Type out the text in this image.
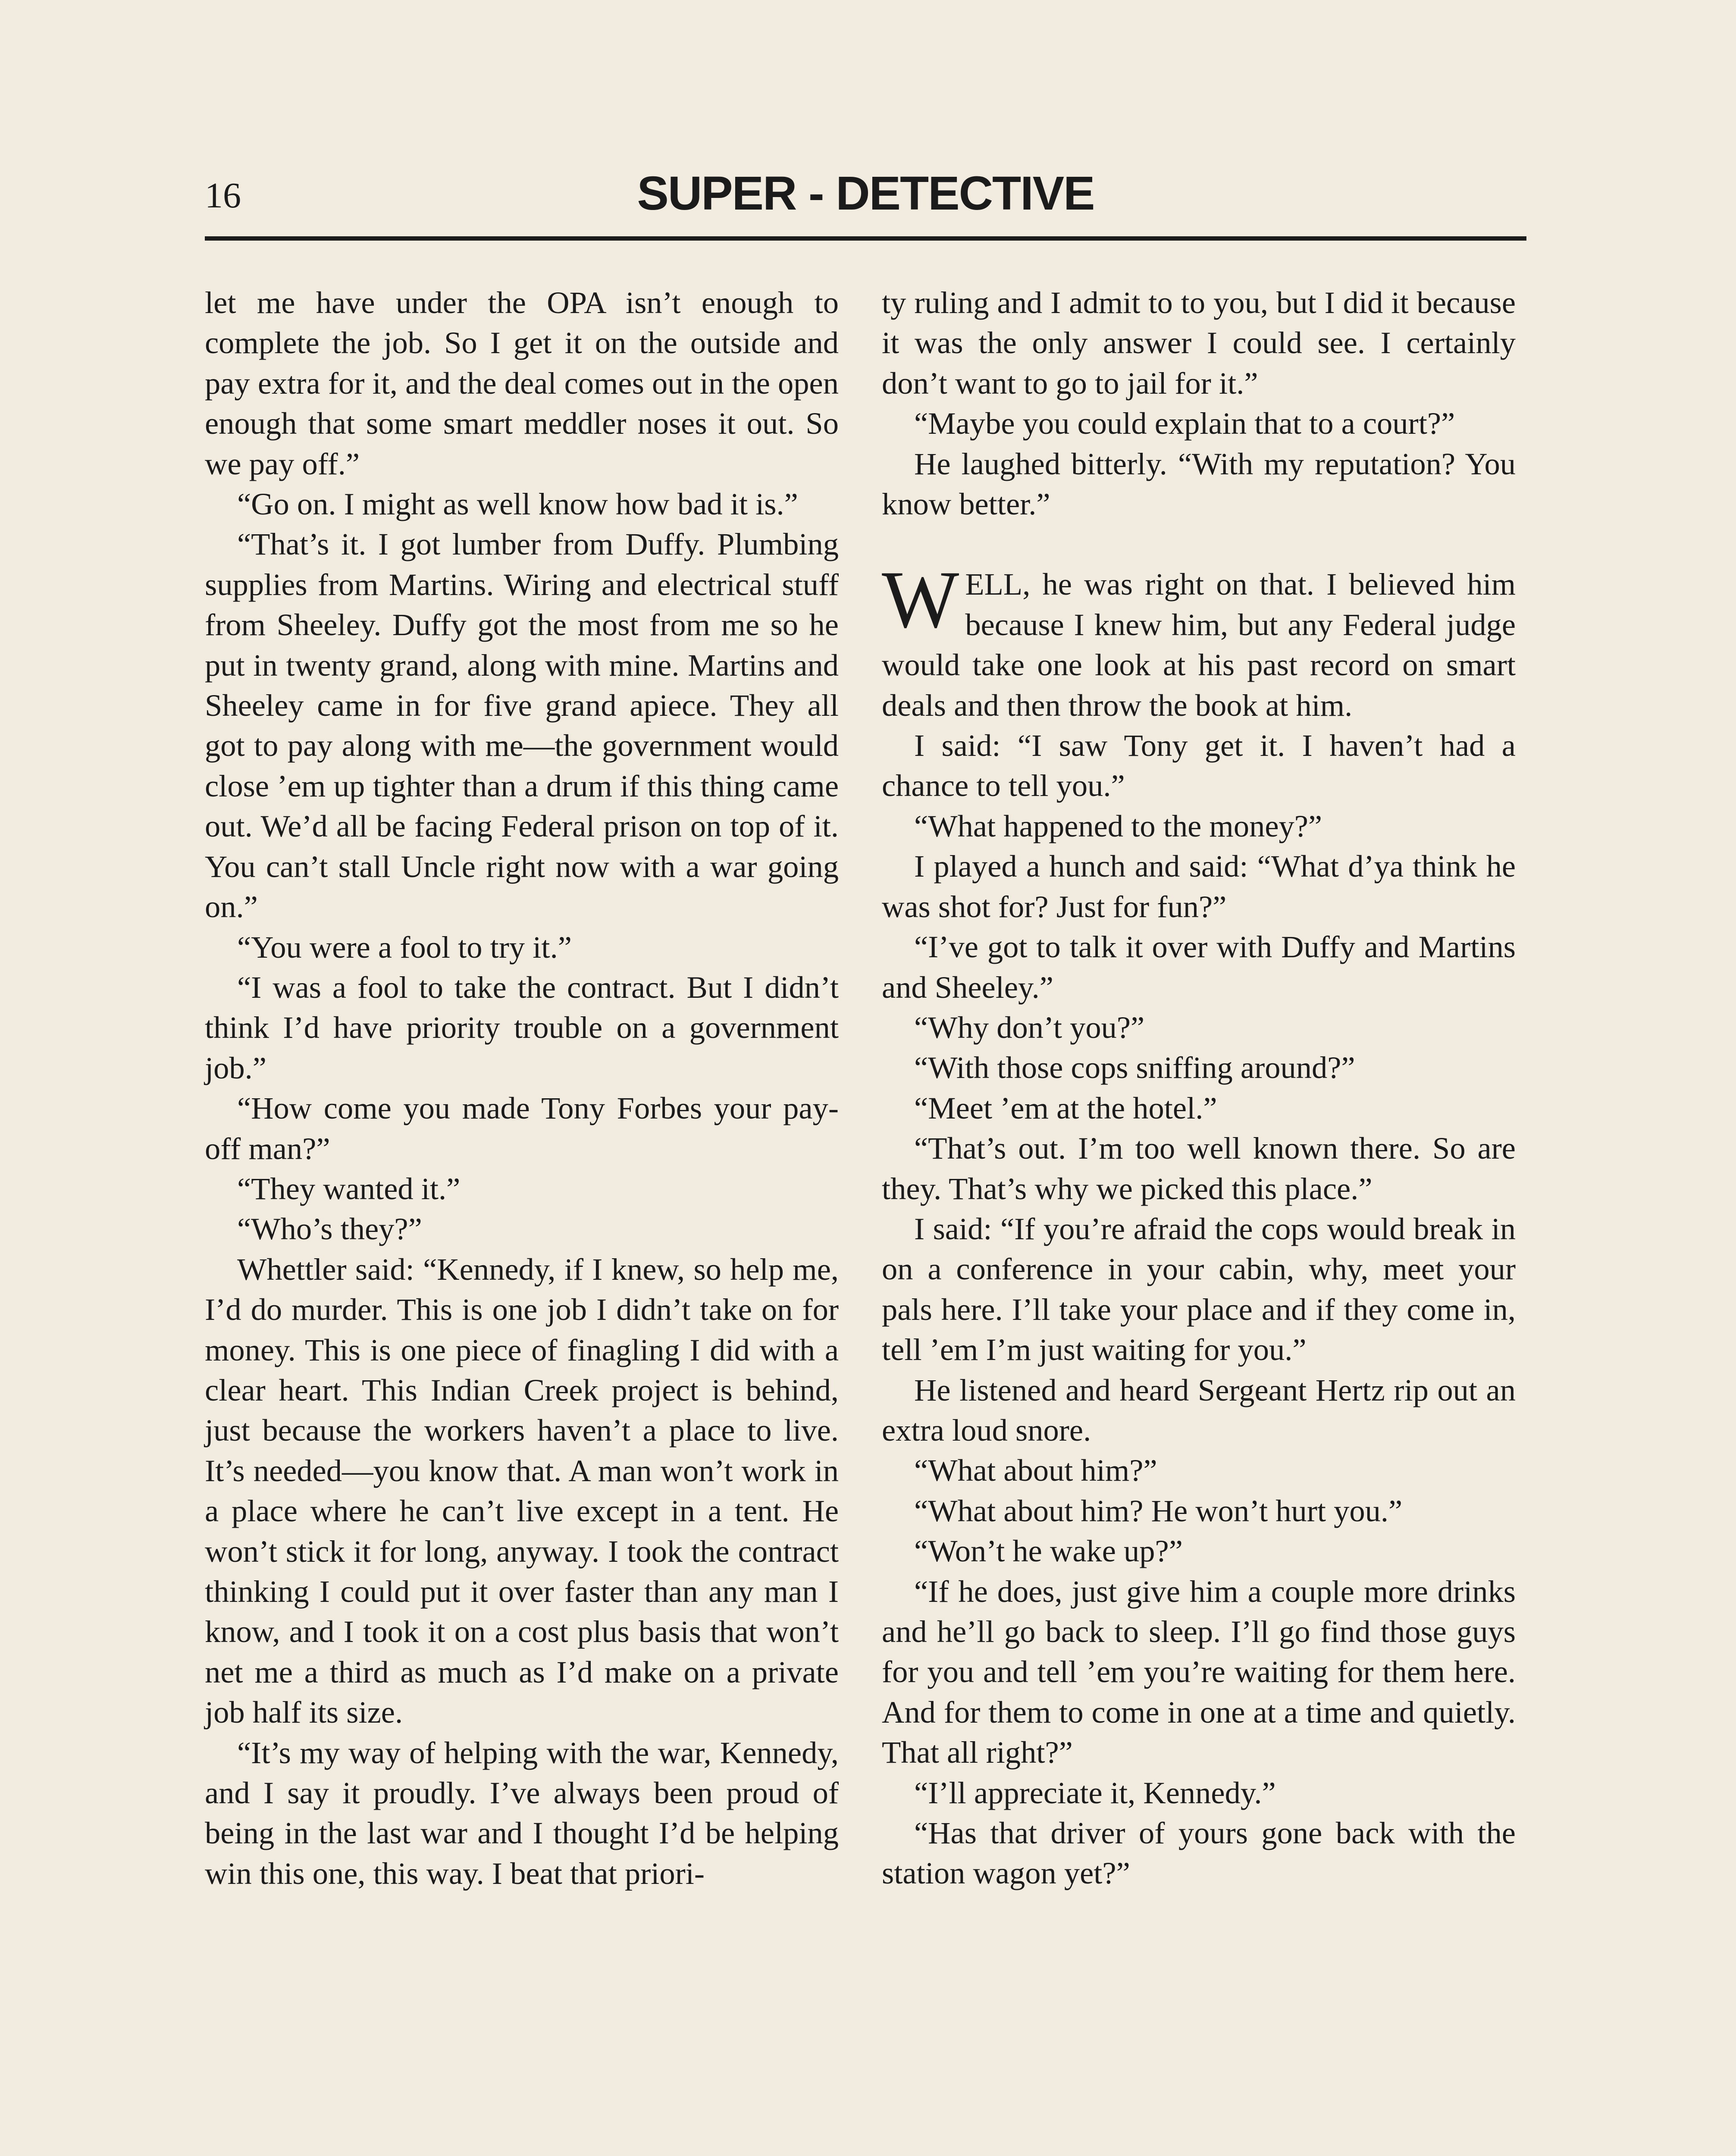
16	SUPER - DETECTIVE

let me have under the OPA isn’t enough to complete the job. So I get it on the outside and pay extra for it, and the deal comes out in the open enough that some smart meddler noses it out. So we pay off.”

“Go on. I might as well know how bad it is.”

“That’s it. I got lumber from Duffy. Plumbing supplies from Martins. Wiring and electrical stuff from Sheeley. Duffy got the most from me so he put in twenty grand, along with mine. Martins and Sheeley came in for five grand apiece. They all got to pay along with me—the government would close ’em up tighter than a drum if this thing came out. We’d all be facing Federal prison on top of it. You can’t stall Uncle right now with a war going on.”

“You were a fool to try it.”

“I was a fool to take the contract. But I didn’t think I’d have priority trouble on a government job.”

“How come you made Tony Forbes your pay-off man?”

“They wanted it.”

“Who’s they?”

Whettler said: “Kennedy, if I knew, so help me, I’d do murder. This is one job I didn’t take on for money. This is one piece of finagling I did with a clear heart. This Indian Creek project is behind, just because the workers haven’t a place to live. It’s needed—you know that. A man won’t work in a place where he can’t live except in a tent. He won’t stick it for long, anyway. I took the contract thinking I could put it over faster than any man I know, and I took it on a cost plus basis that won’t net me a third as much as I’d make on a private job half its size.

“It’s my way of helping with the war, Kennedy, and I say it proudly. I’ve always been proud of being in the last war and I thought I’d be helping win this one, this way. I beat that priori-

ty ruling and I admit to to you, but I did it because it was the only answer I could see. I certainly don’t want to go to jail for it.”

“Maybe you could explain that to a court?”

He laughed bitterly. “With my reputation? You know better.”

WELL, he was right on that. I believed him because I knew him, but any Federal judge would take one look at his past record on smart deals and then throw the book at him.

I said: “I saw Tony get it. I haven’t had a chance to tell you.”

“What happened to the money?”

I played a hunch and said: “What d’ya think he was shot for? Just for fun?”

“I’ve got to talk it over with Duffy and Martins and Sheeley.”

“Why don’t you?”

“With those cops sniffing around?”

“Meet ’em at the hotel.”

“That’s out. I’m too well known there. So are they. That’s why we picked this place.”

I said: “If you’re afraid the cops would break in on a conference in your cabin, why, meet your pals here. I’ll take your place and if they come in, tell ’em I’m just waiting for you.”

He listened and heard Sergeant Hertz rip out an extra loud snore.

“What about him?”

“What about him? He won’t hurt you.”

“Won’t he wake up?”

“If he does, just give him a couple more drinks and he’ll go back to sleep. I’ll go find those guys for you and tell ’em you’re waiting for them here. And for them to come in one at a time and quietly. That all right?”

“I’ll appreciate it, Kennedy.”

“Has that driver of yours gone back with the station wagon yet?”
